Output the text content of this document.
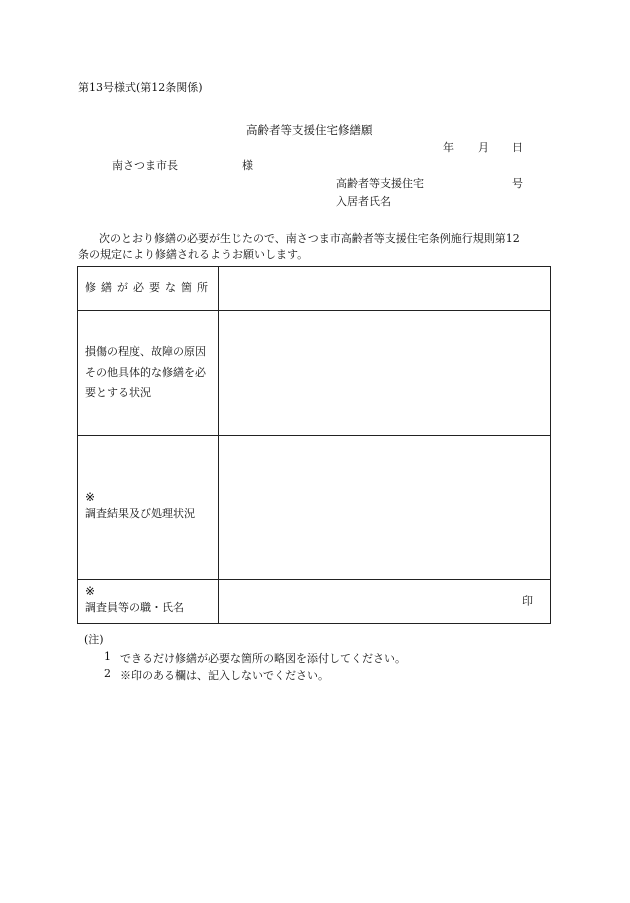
第13号様式(第12条関係)
高齢者等支援住宅修繕願
年 月 日
南さつま市長	様
高齢者等支援住宅	号
入居者氏名
次のとおり修繕の必要が生じたので、南さつま市高齢者等支援住宅条例施行規則第12
条の規定により修繕されるようお願いします。
修繕が必要な箇所	

損傷の程度、故障の原因
その他具体的な修繕を必
要とする状況	

※
調査結果及び処理状況	

※
調査員等の職・氏名	印
(注)
1 できるだけ修繕が必要な箇所の略図を添付してください。
2 ※印のある欄は、記入しないでください。
